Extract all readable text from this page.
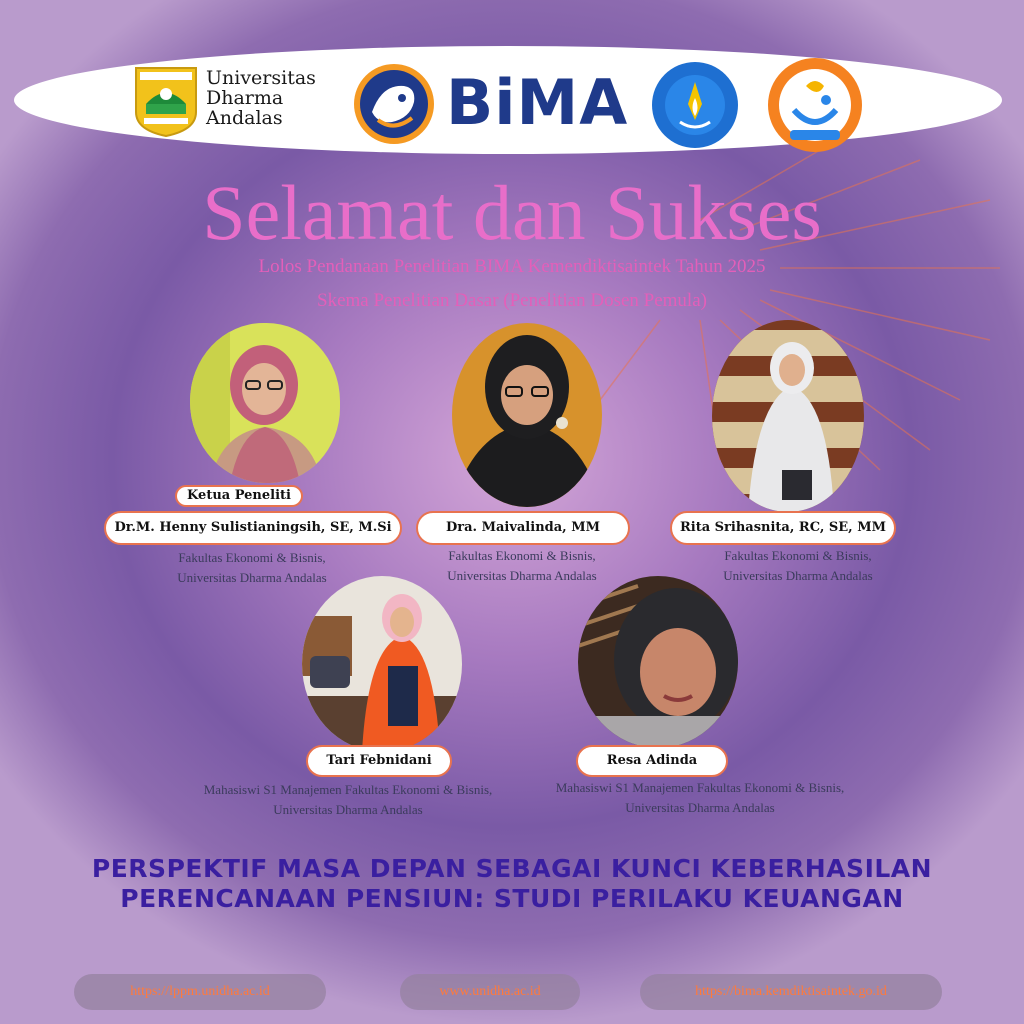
Universitas
Dharma
Andalas	BiMA
Selamat dan Sukses
Lolos Pendanaan Penelitian BIMA Kemendiktisaintek Tahun 2025
Skema Penelitian Dasar (Penelitian Dosen Pemula)
Ketua Peneliti
Dr.M. Henny Sulistianingsih, SE, M.Si	Dra. Maivalinda, MM	Rita Srihasnita, RC, SE, MM
Fakultas Ekonomi & Bisnis,
Universitas Dharma Andalas
Fakultas Ekonomi & Bisnis,
Universitas Dharma Andalas
Fakultas Ekonomi & Bisnis,
Universitas Dharma Andalas
Tari Febnidani	Resa Adinda
Mahasiswi S1 Manajemen Fakultas Ekonomi & Bisnis,
Universitas Dharma Andalas
Mahasiswi S1 Manajemen Fakultas Ekonomi & Bisnis,
Universitas Dharma Andalas
PERSPEKTIF MASA DEPAN SEBAGAI KUNCI KEBERHASILAN
PERENCANAAN PENSIUN: STUDI PERILAKU KEUANGAN
https://lppm.unidha.ac.id	www.unidha.ac.id	https://bima.kemdiktisaintek.go.id
